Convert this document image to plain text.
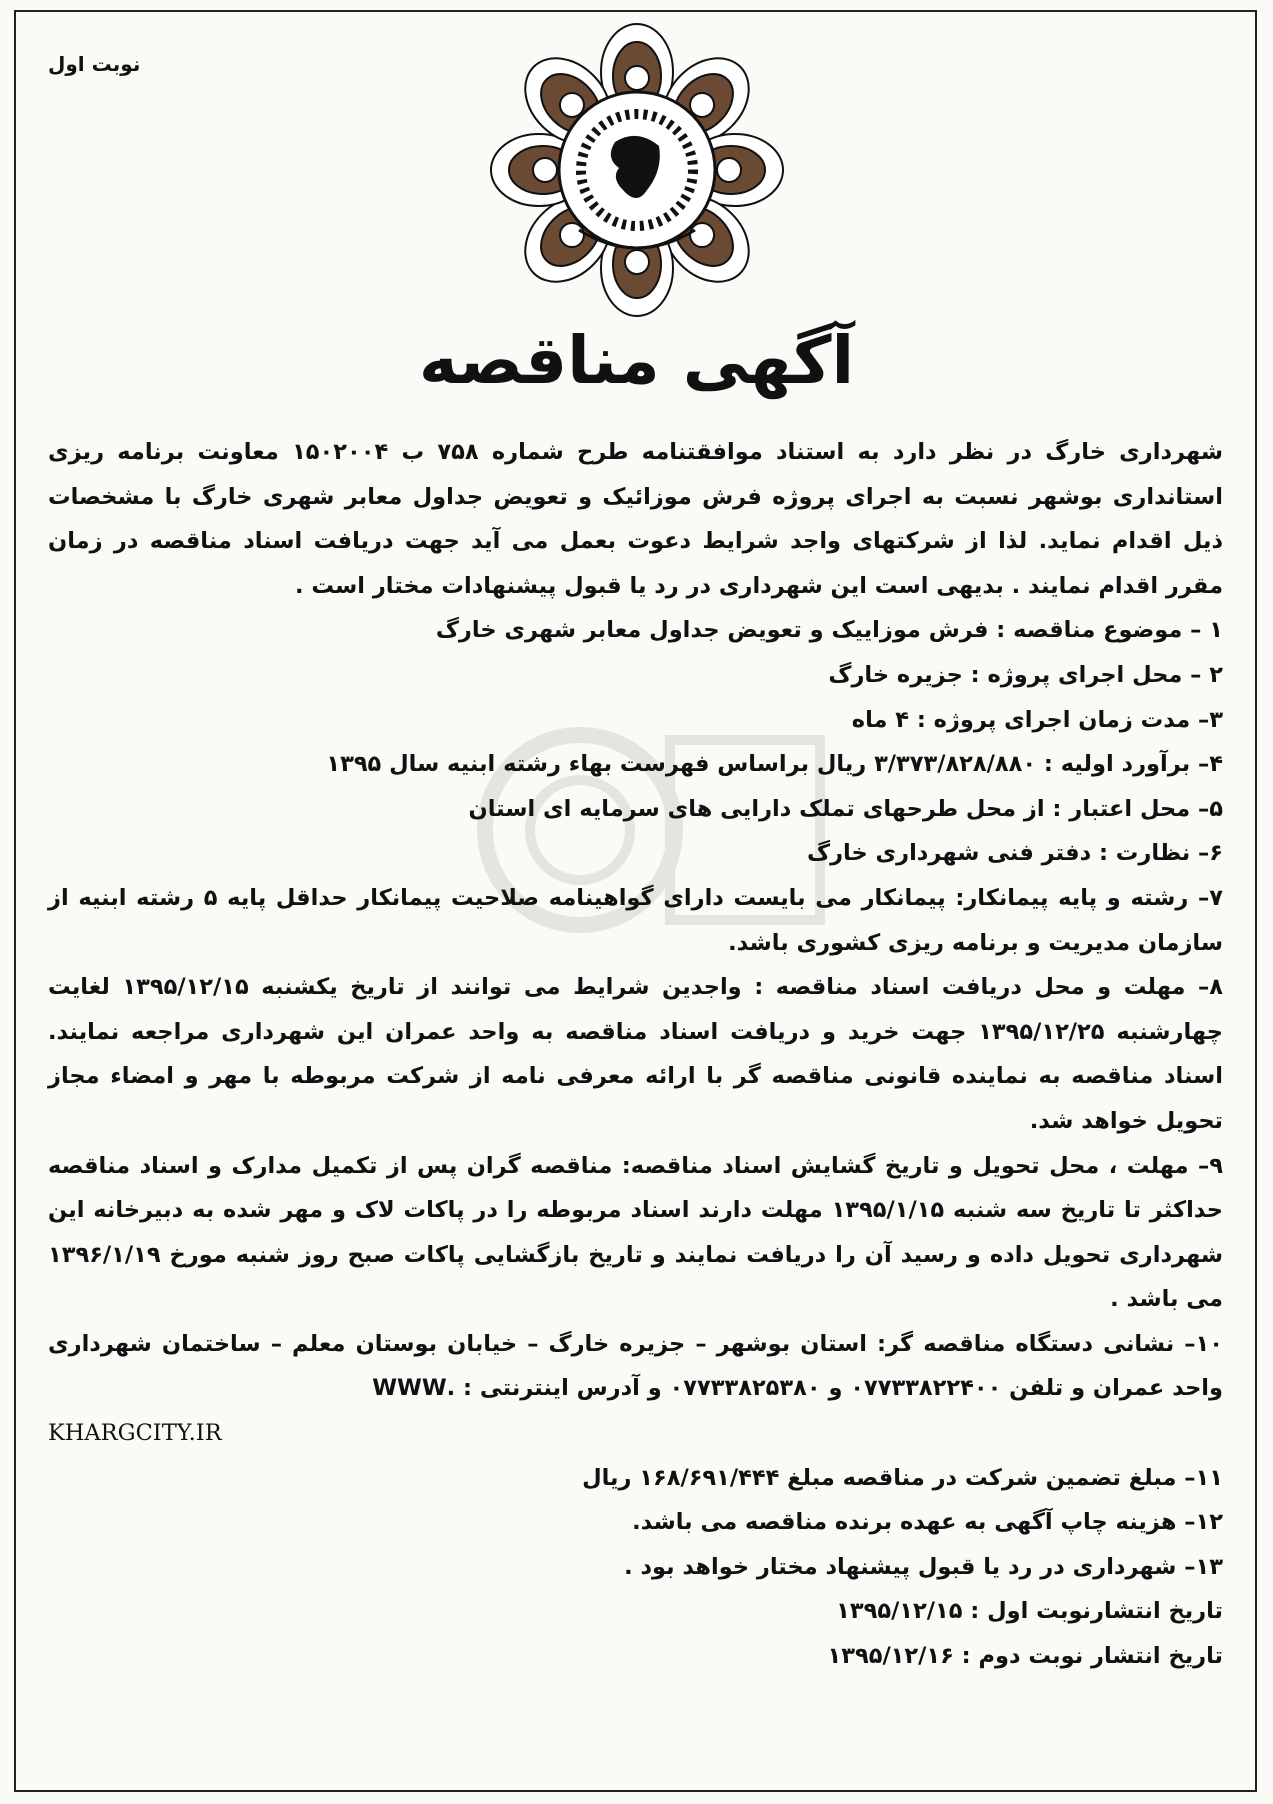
نوبت اول
آگهی مناقصه

شهرداری خارگ در نظر دارد به استناد موافقتنامه طرح شماره ۷۵۸ ب ۱۵۰۲۰۰۴ معاونت برنامه ریزی استانداری بوشهر نسبت به اجرای پروژه فرش موزائیک و تعویض جداول معابر شهری خارگ با مشخصات ذیل اقدام نماید. لذا از شرکتهای واجد شرایط دعوت بعمل می آید جهت دریافت اسناد مناقصه در زمان مقرر اقدام نمایند . بدیهی است این شهرداری در رد یا قبول پیشنهادات مختار است .

۱ – موضوع مناقصه : فرش موزاییک و تعویض جداول معابر شهری خارگ

۲ – محل اجرای پروژه : جزیره خارگ

۳– مدت زمان اجرای پروژه : ۴ ماه

۴– برآورد اولیه : ۳/۳۷۳/۸۲۸/۸۸۰ ریال براساس فهرست بهاء رشته ابنیه سال ۱۳۹۵

۵– محل اعتبار : از محل طرحهای تملک دارایی های سرمایه ای استان

۶– نظارت : دفتر فنی شهرداری خارگ

۷– رشته و پایه پیمانکار: پیمانکار می بایست دارای گواهینامه صلاحیت پیمانکار حداقل پایه ۵ رشته ابنیه از سازمان مدیریت و برنامه ریزی کشوری باشد.

۸– مهلت و محل دریافت اسناد مناقصه : واجدین شرایط می توانند از تاریخ یکشنبه ۱۳۹۵/۱۲/۱۵ لغایت چهارشنبه ۱۳۹۵/۱۲/۲۵ جهت خرید و دریافت اسناد مناقصه به واحد عمران این شهرداری مراجعه نمایند. اسناد مناقصه به نماینده قانونی مناقصه گر با ارائه معرفی نامه از شرکت مربوطه با مهر و امضاء مجاز تحویل خواهد شد.

۹– مهلت ، محل تحویل و تاریخ گشایش اسناد مناقصه: مناقصه گران پس از تکمیل مدارک و اسناد مناقصه حداکثر تا تاریخ سه شنبه ۱۳۹۵/۱/۱۵ مهلت دارند اسناد مربوطه را در پاکات لاک و مهر شده به دبیرخانه این شهرداری تحویل داده و رسید آن را دریافت نمایند و تاریخ بازگشایی پاکات صبح روز شنبه مورخ ۱۳۹۶/۱/۱۹ می باشد .

۱۰– نشانی دستگاه مناقصه گر: استان بوشهر – جزیره خارگ – خیابان بوستان معلم – ساختمان شهرداری واحد عمران و تلفن ۰۷۷۳۳۸۲۲۴۰۰ و ۰۷۷۳۳۸۲۵۳۸۰ و آدرس اینترنتی : .WWW

KHARGCITY.IR

۱۱– مبلغ تضمین شرکت در مناقصه مبلغ ۱۶۸/۶۹۱/۴۴۴ ریال

۱۲– هزینه چاپ آگهی به عهده برنده مناقصه می باشد.

۱۳– شهرداری در رد یا قبول پیشنهاد مختار خواهد بود .

تاریخ انتشارنوبت اول : ۱۳۹۵/۱۲/۱۵

تاریخ انتشار نوبت دوم : ۱۳۹۵/۱۲/۱۶
